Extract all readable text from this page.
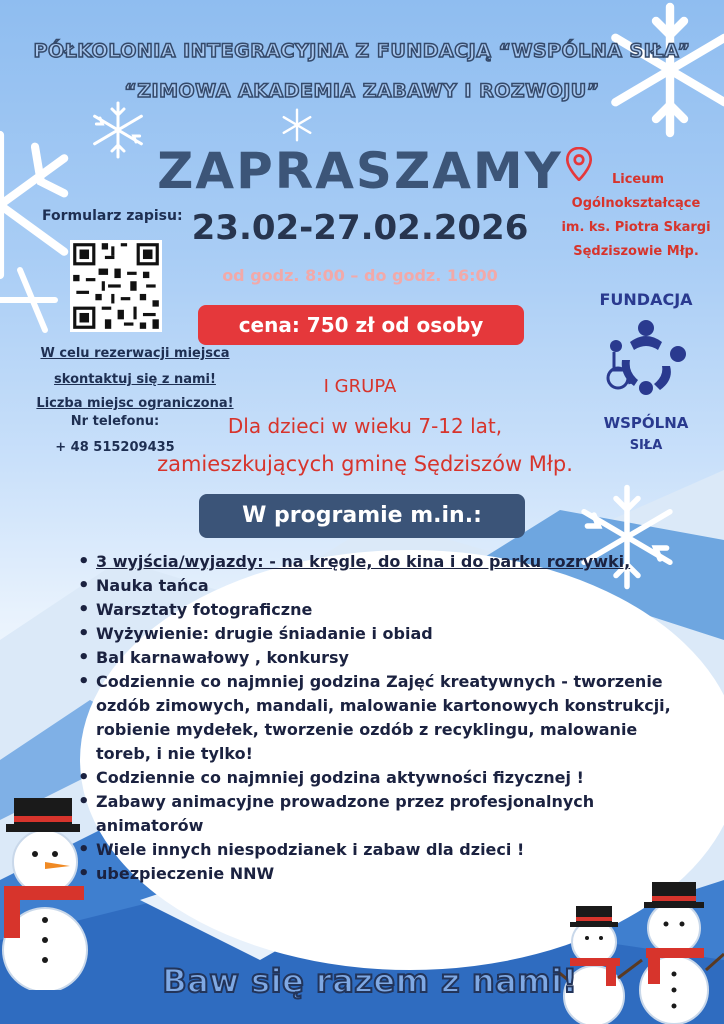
PÓŁKOLONIA INTEGRACYJNA Z FUNDACJĄ “WSPÓLNA SIŁA”
“ZIMOWA AKADEMIA ZABAWY I ROZWOJU”
ZAPRASZAMY
23.02-27.02.2026
od godz. 8:00 – do godz. 16:00
cena: 750 zł od osoby
Formularz zapisu:
W celu rezerwacji miejsca
skontaktuj się z nami!
Liczba miejsc ograniczona!
Nr telefonu:
+ 48 515209435
Liceum
Ogólnokształcące
im. ks. Piotra Skargi
Sędziszowie Młp.
FUNDACJA
WSPÓLNA
SIŁA
I GRUPA
Dla dzieci w wieku 7-12 lat,
zamieszkujących gminę Sędziszów Młp.
W programie m.in.:
• 3 wyjścia/wyjazdy: - na kręgle, do kina i do parku rozrywki,
• Nauka tańca
• Warsztaty fotograficzne
• Wyżywienie: drugie śniadanie i obiad
• Bal karnawałowy , konkursy
• Codziennie co najmniej godzina Zajęć kreatywnych - tworzenie ozdób zimowych, mandali, malowanie kartonowych konstrukcji, robienie mydełek, tworzenie ozdób z recyklingu, malowanie toreb, i nie tylko!
• Codziennie co najmniej godzina aktywności fizycznej !
• Zabawy animacyjne prowadzone przez profesjonalnych animatorów
• Wiele innych niespodzianek i zabaw dla dzieci !
• ubezpieczenie NNW
Baw się razem z nami!
